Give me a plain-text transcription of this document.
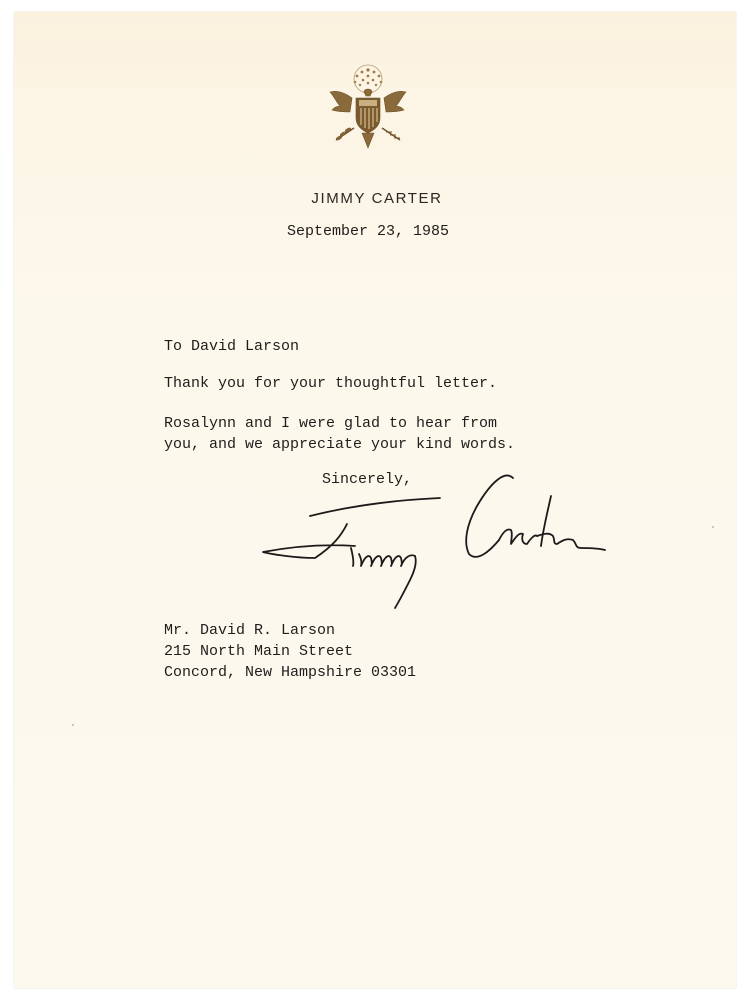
JIMMY CARTER
September 23, 1985
To David Larson
Thank you for your thoughtful letter.
Rosalynn and I were glad to hear from
you, and we appreciate your kind words.
Sincerely,
Mr. David R. Larson
215 North Main Street
Concord, New Hampshire 03301
